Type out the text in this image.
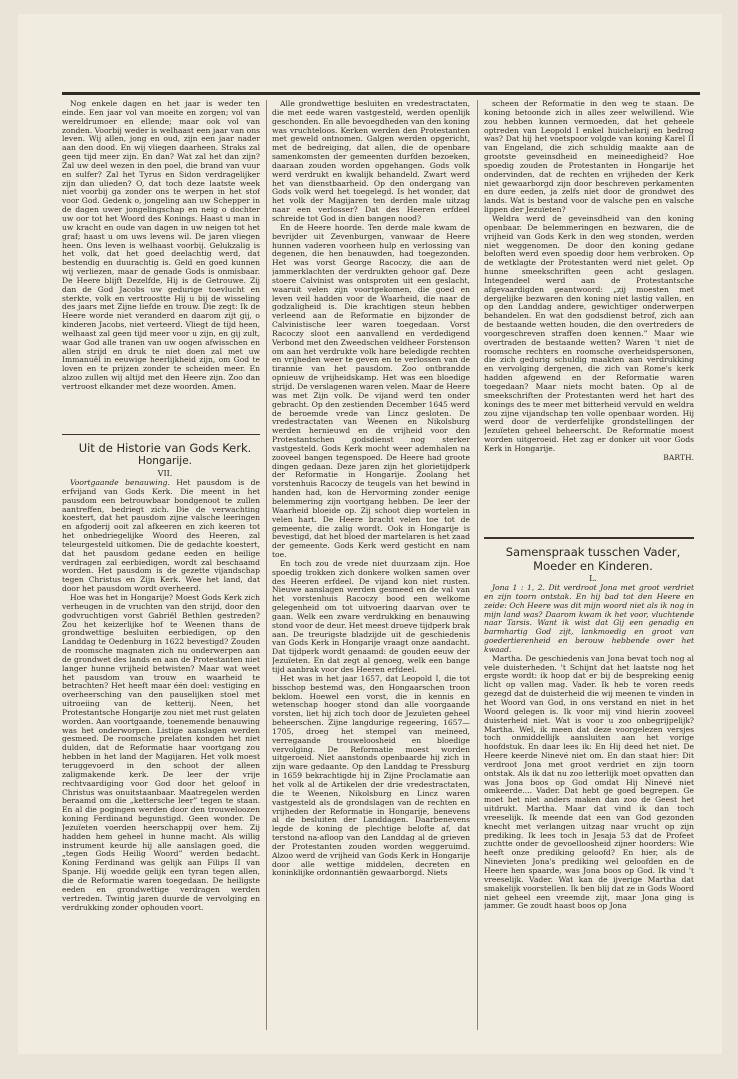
Nog enkele dagen en het jaar is weder ten einde. Een jaar vol van moeite en zorgen; vol van wereldrumoer en ellende; maar ook vol van zonden. Voorbij weder is welhaast een jaar van ons leven. Wij allen, jong en oud, zijn een jaar nader aan den dood. En wij vliegen daarheen. Straks zal geen tijd meer zijn. En dan? Wat zal het dan zijn? Zal uw deel wezen in den poel, die brand van vuur en sulfer? Zal het Tyrus en Sidon verdragelijker zijn dan ulieden? O, dat toch deze laatste week niet voorbij ga zonder ons te werpen in het stof voor God. Gedenk o, jongeling aan uw Schepper in de dagen uwer jongelingschap en neig o dochter uw oor tot het Woord des Konings. Haast u man in uw kracht en oude van dagen in uw neigen tot het graf; haast u om uws levens wil. De jaren vliegen heen. Ons leven is welhaast voorbij. Gelukzalig is het volk, dat het goed deelachtig werd, dat bestendig en duurachtig is. Geld en goed kunnen wij verliezen, maar de genade Gods is onmisbaar. De Heere blijft Dezelfde, Hij is de Getrouwe. Zij dan de God Jacobs uw gedurige toevlucht en sterkte, volk en vertroostte Hij u bij de wisseling des jaars met Zijne liefde en trouw. Die zegt: Ik de Heere worde niet veranderd en daarom zijt gij, o kinderen Jacobs, niet verteerd. Vliegt de tijd heen, welhaast zal geen tijd meer voor u zijn, en gij zult, waar God alle tranen van uw oogen afwisschen en allen strijd en druk te niet doen zal met uw Immanuël in eeuwige heerlijkheid zijn, om God te loven en te prijzen zonder te scheiden meer. En alzoo zullen wij altijd met den Heere zijn. Zoo dan vertroost elkander met deze woorden. Amen.

Uit de Historie van Gods Kerk.

Hongarije.

VII.

Voortgaande benauwing. Het pausdom is de erfvijand van Gods Kerk. Die meent in het pausdom een betrouwbaar bondgenoot te zullen aantreffen, bedriegt zich. Die de verwachting koestert, dat het pausdom zijne valsche leeringen en afgoderij ooit zal afkeeren en zich keeren tot het onbedriegelijke Woord des Heeren, zal teleurgesteld uitkomen. Die de gedachte koestert, dat het pausdom gedane eeden en heilige verdragen zal eerbiedigen, wordt zal beschaamd worden. Het pausdom is de gezette vijandschap tegen Christus en Zijn Kerk. Wee het land, dat door het pausdom wordt overheerd.

Hoe was het in Hongarije? Moest Gods Kerk zich verheugen in de vruchten van den strijd, door den godvruchtigen vorst Gabriël Bethlen gestreden? Zou het keizerlijke hof te Weenen thans de grondwettige besluiten eerbiedigen, op den Landdag te Oedenburg in 1622 bevestigd? Zouden de roomsche magnaten zich nu onderwerpen aan de grondwet des lands en aan de Protestanten niet langer hunne vrijheid betwisten? Maar wat weet het pausdom van trouw en waarheid te betrachten? Het heeft maar één doel: vestiging en overheersching van den pauselijken stoel met uitroeiing van de ketterij. Neen, het Protestantsche Hongarije zou niet met rust gelaten worden. Aan voortgaande, toenemende benauwing was het onderworpen. Listige aanslagen werden gesmeed. De roomsche prelaten konden het niet dulden, dat de Reformatie haar voortgang zou hebben in het land der Magijaren. Het volk moest teruggevoerd in den schoot der alleen zaligmakende kerk. De leer der vrije rechtvaardiging voor God door het geloof in Christus was onuitstaanbaar. Maatregelen werden beraamd om die „kettersche leer” tegen te staan. En al die pogingen werden door den trouweloozen koning Ferdinand begunstigd. Geen wonder. De Jezuïeten voerden heerschappij over hem. Zij hadden hem geheel in hunne macht. Als willig instrument keurde hij alle aanslagen goed, die „tegen Gods Heilig Woord” werden bedacht. Koning Ferdinand was gelijk aan Filips II van Spanje. Hij woedde gelijk een tyran tegen allen, die de Reformatie waren toegedaan. De heiligste eeden en grondwettige verdragen werden vertreden. Twintig jaren duurde de vervolging en verdrukking zonder ophouden voort.

Alle grondwettige besluiten en vredestractaten, die met eede waren vastgesteld, werden openlijk geschonden. En alle bevoegdheden van den koning was vruchteloos. Kerken werden den Protestanten met geweld ontnomen. Galgen werden opgericht, met de bedreiging, dat allen, die de openbare samenkomsten der gemeenten durfden bezoeken, daaraan zouden worden opgehangen. Gods volk werd verdrukt en kwalijk behandeld. Zwart werd het van dienstbaarheid. Op den ondergang van Gods volk werd het toegelegd. Is het wonder, dat het volk der Magijaren ten derden male uitzag naar een verlosser? Dat des Heeren erfdeel schreide tot God in dien bangen nood?

En de Heere hoorde. Ten derde male kwam de bevrijder uit Zevenburgen, vanwaar de Heere hunnen vaderen voorheen hulp en verlossing van degenen, die hen benauwden, had toegezonden. Het was vorst George Racoczy, die aan de jammerklachten der verdrukten gehoor gaf. Deze stoere Calvinist was ontsproten uit een geslacht, waaruit velen zijn voortgekomen, die goed en leven veil hadden voor de Waarheid, die naar de godzaligheid is. Die krachtigen steun hebben verleend aan de Reformatie en bijzonder de Calvinistische leer waren toegedaan. Vorst Racoczy sloot een aanvallend en verdedigend Verbond met den Zweedschen veldheer Forstenson om aan het verdrukte volk hare beledigde rechten en vrijheden weer te geven en te verlossen van de tirannie van het pausdom. Zoo ontbrandde opnieuw de vrijheidskamp. Het was een bloedige strijd. De verslagenen waren velen. Maar de Heere was met Zijn volk. De vijand werd ten onder gebracht. Op den zestienden December 1645 werd de beroemde vrede van Lincz gesloten. De vredestractaten van Weenen en Nikolsburg werden hernieuwd en de vrijheid voor den Protestantschen godsdienst nog sterker vastgesteld. Gods Kerk mocht weer ademhalen na zooveel bangen tegenspoed. De Heere had groote dingen gedaan. Deze jaren zijn het glorietijdperk der Reformatie in Hongarije. Zoolang het vorstenhuis Racoczy de teugels van het bewind in handen had, kon de Hervorming zonder eenige belemmering zijn voortgang hebben. De leer der Waarheid bloeide op. Zij schoot diep wortelen in velen hart. De Heere bracht velen toe tot de gemeente, die zalig wordt. Ook in Hongarije is bevestigd, dat het bloed der martelaren is het zaad der gemeente. Gods Kerk werd gesticht en nam toe.

En toch zou de vrede niet duurzaam zijn. Hoe spoedig trokken zich donkere wolken samen over des Heeren erfdeel. De vijand kon niet rusten. Nieuwe aanslagen werden gesmeed en de val van het vorstenhuis Racoczy bood een welkome gelegenheid om tot uitvoering daarvan over te gaan. Welk een zware verdrukking en benauwing stond voor de deur. Het meest droeve tijdperk brak aan. De treurigste bladzijde uit de geschiedenis van Gods Kerk in Hongarije vraagt onze aandacht. Dat tijdperk wordt genaamd: de gouden eeuw der Jezuïeten. En dat zegt al genoeg, welk een bange tijd aanbrak voor des Heeren erfdeel.

Het was in het jaar 1657, dat Leopold I, die tot bisschop bestemd was, den Hongaarschen troon beklom. Hoewel een vorst, die in kennis en wetenschap hooger stond dan alle voorgaande vorsten, liet hij zich toch door de Jezuïeten geheel beheerschen. Zijne langdurige regeering, 1657—1705, droeg het stempel van meineed, verregaande trouweloosheid en bloedige vervolging. De Reformatie moest worden uitgeroeid. Niet aanstonds openbaarde hij zich in zijn ware gedaante. Op den Landdag te Pressburg in 1659 bekrachtigde hij in Zijne Proclamatie aan het volk al de Artikelen der drie vredestractaten, die te Weenen, Nikolsburg en Lincz waren vastgesteld als de grondslagen van de rechten en vrijheden der Reformatie in Hongarije, benevens al de besluiten der Landdagen. Daarbenevens legde de koning de plechtige belofte af, dat terstond na-afloop van den Landdag al de grieven der Protestanten zouden worden weggeruimd. Alzoo werd de vrijheid van Gods Kerk in Hongarije door alle wettige middelen, decreten en koninklijke ordonnantiën gewaarborgd. Niets

scheen der Reformatie in den weg te staan. De koning betoonde zich in alles zeer welwillend. Wie zou hebben kunnen vermoeden, dat het geheele optreden van Leopold I enkel huichelarij en bedrog was? Dat hij het voetspoor volgde van koning Karel II van Engeland, die zich schuldig maakte aan de grootste geveinsdheid en meineedigheid? Hoe spoedig zouden de Protestanten in Hongarije het ondervinden, dat de rechten en vrijheden der Kerk niet gewaarborgd zijn door beschreven perkamenten en dure eeden, ja zelfs niet door de grondwet des lands. Wat is bestand voor de valsche pen en valsche lippen der Jezuïeten?

Weldra werd de geveinsdheid van den koning openbaar. De belemmeringen en bezwaren, die de vrijheid van Gods Kerk in den weg stonden, werden niet weggenomen. De door den koning gedane beloften werd even spoedig door hem verbroken. Op de wetklagte der Protestanten werd niet gelet. Op hunne smeekschriften geen acht geslagen. Integendeel werd aan de Protestantsche afgevaardigden geantwoord: „zij moesten met dergelijke bezwaren den koning niet lastig vallen, en op den Landdag andere, gewichtiger onderwerpen behandelen. En wat den godsdienst betrof, zich aan de bestaande wetten houden, die den overtreders de voorgeschreven straffen doen kennen.” Maar wie overtraden de bestaande wetten? Waren 't niet de roomsche rechters en roomsche overheidspersonen, die zich gedurig schuldig maakten aan verdrukking en vervolging dergenen, die zich van Rome's kerk hadden afgewend en der Reformatie waren toegedaan? Maar niets mocht baten. Op al de smeekschriften der Protestanten werd het hart des konings des te meer met bitterheid vervuld en weldra zou zijne vijandschap ten volle openbaar worden. Hij werd door de verderfelijke grondstellingen der Jezuïeten geheel beheerscht. De Reformatie moest worden uitgeroeid. Het zag er donker uit voor Gods Kerk in Hongarije.

BARTH.

Samenspraak tusschen Vader,

Moeder en Kinderen.

L.

Jona 1 : 1, 2. Dit verdroot Jona met groot verdriet en zijn toorn ontstak. En hij bad tot den Heere en zeide: Och Heere was dit mijn woord niet als ik nog in mijn land was? Daarom kwam ik het voor, vluchtende naar Tarsis. Want ik wist dat Gij een genadig en barmhartig God zijt, lankmoedig en groot van goedertierenheid en berouw hebbende over het kwaad.

Martha. De geschiedenis van Jona bevat toch nog al vele duisterheden. 't Schijnt dat het laatste nog het ergste wordt: ik hoop dat er bij de bespreking eenig licht op vallen mag. Vader. Ik heb te voren reeds gezegd dat de duisterheid die wij meenen te vinden in het Woord van God, in ons verstand en niet in het Woord gelegen is. Ik voor mij vind hierin zooveel duisterheid niet. Wat is voor u zoo onbegrijpelijk? Martha. Wel, ik meen dat deze voorgelezen versjes toch onmiddellijk aansluiten aan het vorige hoofdstuk. En daar lees ik: En Hij deed het niet. De Heere keerde Ninevé niet om. En dan staat hier: Dit verdroot Jona met groot verdriet en zijn toorn ontstak. Als ik dat nu zoo letterlijk moet opvatten dan was Jona boos op God omdat Hij Ninevé niet omkeerde.... Vader. Dat hebt ge goed begrepen. Ge moet het niet anders maken dan zoo de Geest het uitdrukt. Martha. Maar dat vind ik dan toch vreeselijk. Ik meende dat een van God gezonden knecht met verlangen uitzag naar vrucht op zijn prediking. Ik lees toch in Jesaja 53 dat de Profeet zuchtte onder de gevoelloosheid zijner hoorders: Wie heeft onze prediking geloofd? En hier, als de Ninevieten Jona's prediking wel geloofden en de Heere hen spaarde, was Jona boos op God. Ik vind 't vreeselijk. Vader. Wat kan de ijverige Martha dat smakelijk voorstellen. Ik ben blij dat ze in Gods Woord niet geheel een vreemde zijt, maar Jona ging is jammer. Ge zoudt haast boos op Jona
